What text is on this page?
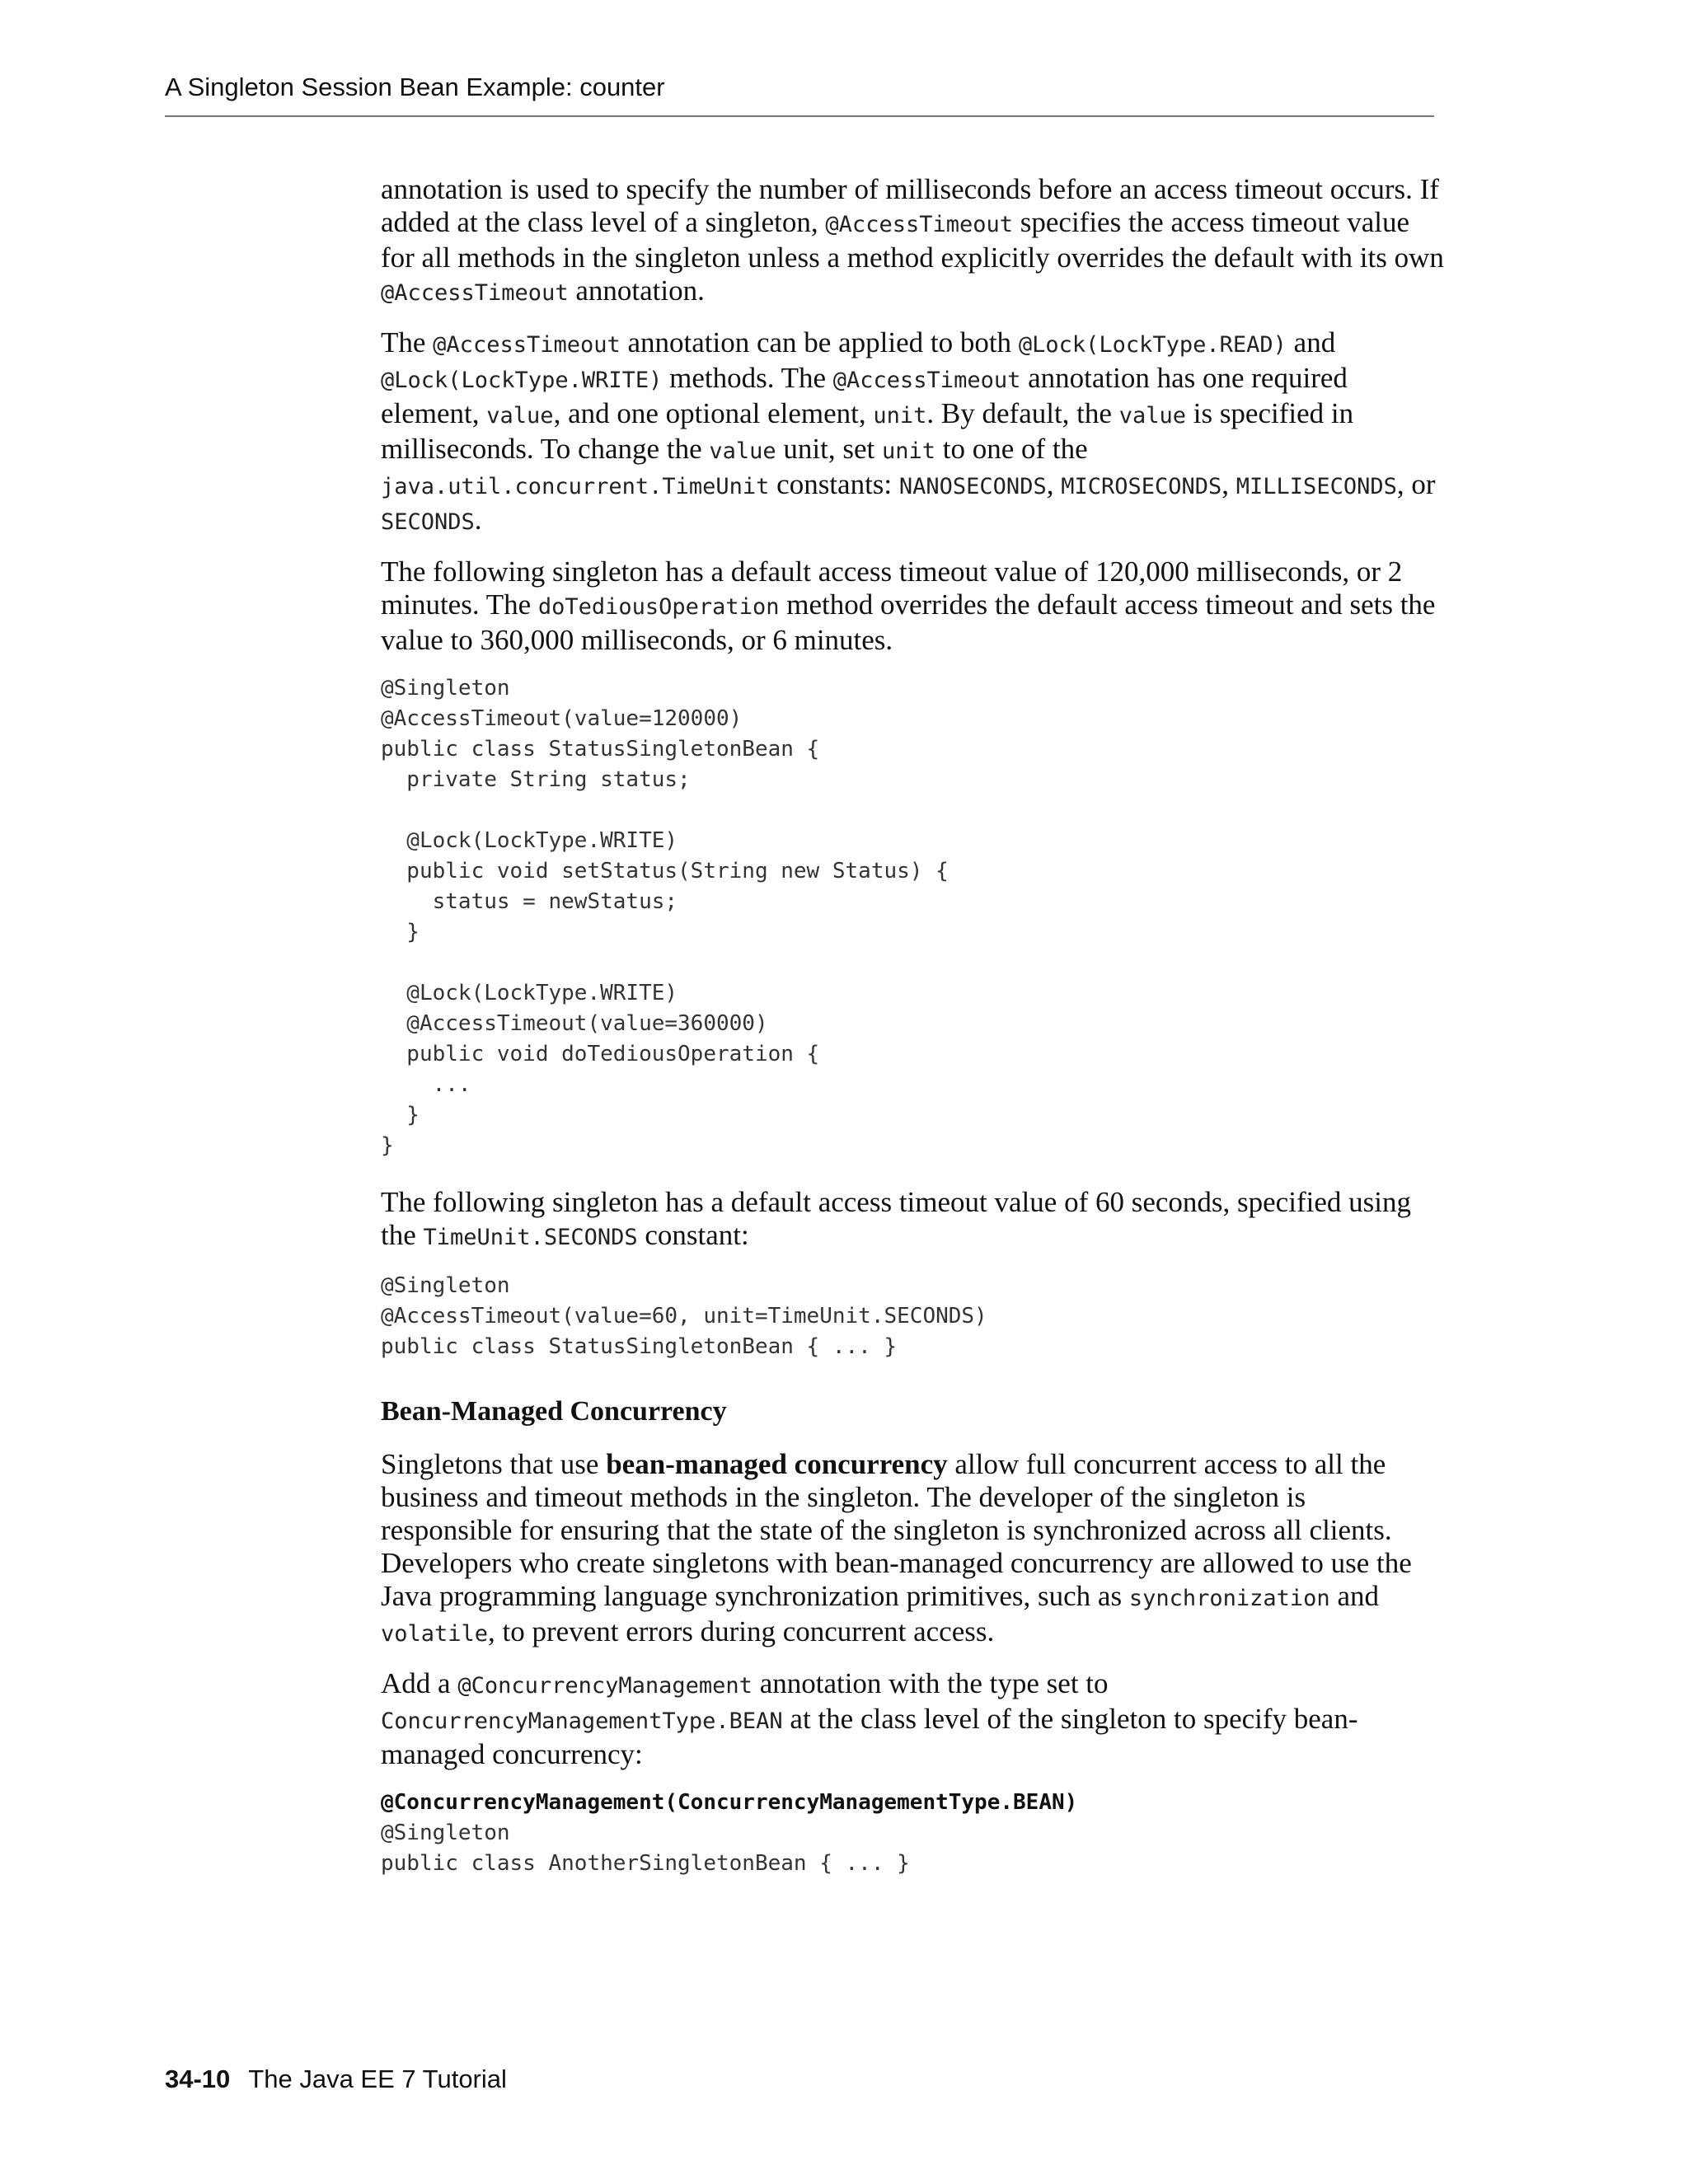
A Singleton Session Bean Example: counter

annotation is used to specify the number of milliseconds before an access timeout occurs. If added at the class level of a singleton, @AccessTimeout specifies the access timeout value for all methods in the singleton unless a method explicitly overrides the default with its own @AccessTimeout annotation.

The @AccessTimeout annotation can be applied to both @Lock(LockType.READ) and @Lock(LockType.WRITE) methods. The @AccessTimeout annotation has one required element, value, and one optional element, unit. By default, the value is specified in milliseconds. To change the value unit, set unit to one of the java.util.concurrent.TimeUnit constants: NANOSECONDS, MICROSECONDS, MILLISECONDS, or SECONDS.

The following singleton has a default access timeout value of 120,000 milliseconds, or 2 minutes. The doTediousOperation method overrides the default access timeout and sets the value to 360,000 milliseconds, or 6 minutes.

@Singleton
@AccessTimeout(value=120000)
public class StatusSingletonBean {
private String status;

@Lock(LockType.WRITE)
public void setStatus(String new Status) {
status = newStatus;
}

@Lock(LockType.WRITE)
@AccessTimeout(value=360000)
public void doTediousOperation {
...
}
}

The following singleton has a default access timeout value of 60 seconds, specified using the TimeUnit.SECONDS constant:

@Singleton
@AccessTimeout(value=60, unit=TimeUnit.SECONDS)
public class StatusSingletonBean { ... }
Bean-Managed Concurrency

Singletons that use bean-managed concurrency allow full concurrent access to all the business and timeout methods in the singleton. The developer of the singleton is responsible for ensuring that the state of the singleton is synchronized across all clients. Developers who create singletons with bean-managed concurrency are allowed to use the Java programming language synchronization primitives, such as synchronization and volatile, to prevent errors during concurrent access.

Add a @ConcurrencyManagement annotation with the type set to ConcurrencyManagementType.BEAN at the class level of the singleton to specify bean-managed concurrency:

@ConcurrencyManagement(ConcurrencyManagementType.BEAN)
@Singleton
public class AnotherSingletonBean { ... }
34-10 The Java EE 7 Tutorial
